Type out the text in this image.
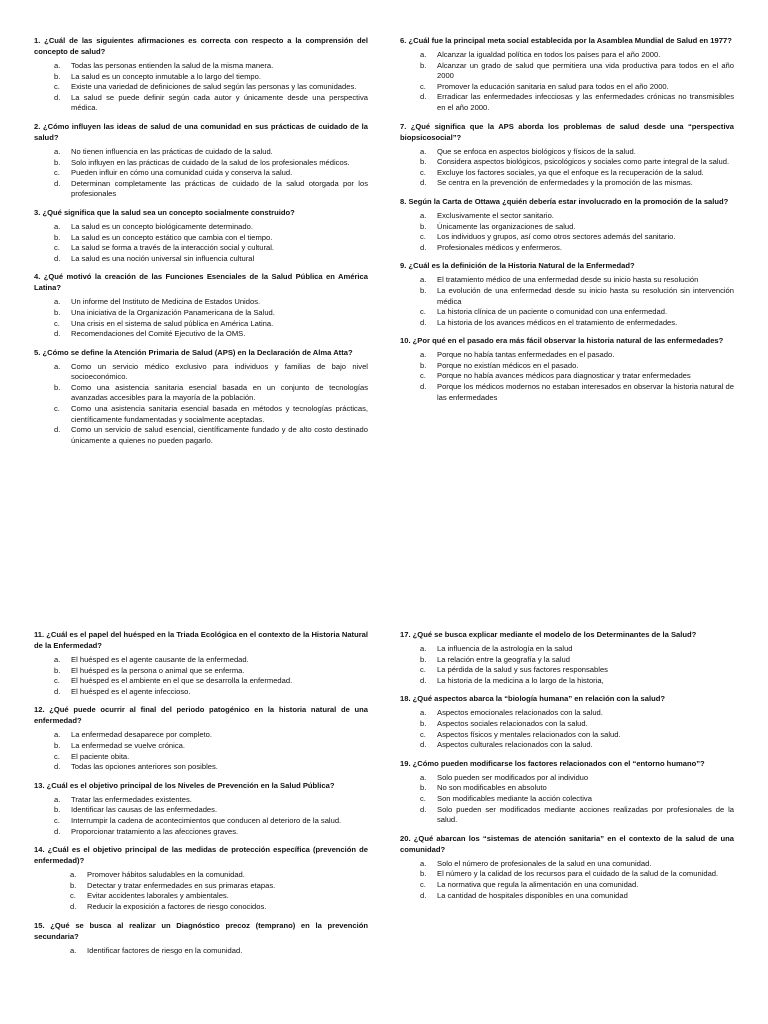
1. ¿Cuál de las siguientes afirmaciones es correcta con respecto a la comprensión del concepto de salud?
a.	Todas las personas entienden la salud de la misma manera.
b.	La salud es un concepto inmutable a lo largo del tiempo.
c.	Existe una variedad de definiciones de salud según las personas y las comunidades.
d.	La salud se puede definir según cada autor y únicamente desde una perspectiva médica.
2. ¿Cómo influyen las ideas de salud de una comunidad en sus prácticas de cuidado de la salud?
a.	No tienen influencia en las prácticas de cuidado de la salud.
b.	Solo influyen en las prácticas de cuidado de la salud de los profesionales médicos.
c.	Pueden influir en cómo una comunidad cuida y conserva la salud.
d.	Determinan completamente las prácticas de cuidado de la salud otorgada por los profesionales
3. ¿Qué significa que la salud sea un concepto socialmente construido?
a.	La salud es un concepto biológicamente determinado.
b.	La salud es un concepto estático que cambia con el tiempo.
c.	La salud se forma a través de la interacción social y cultural.
d.	La salud es una noción universal sin influencia cultural
4. ¿Qué motivó la creación de las Funciones Esenciales de la Salud Pública en América Latina?
a.	Un informe del Instituto de Medicina de Estados Unidos.
b.	Una iniciativa de la Organización Panamericana de la Salud.
c.	Una crisis en el sistema de salud pública en América Latina.
d.	Recomendaciones del Comité Ejecutivo de la OMS.
5. ¿Cómo se define la Atención Primaria de Salud (APS) en la Declaración de Alma Atta?
a.	Como un servicio médico exclusivo para individuos y familias de bajo nivel socioeconómico.
b.	Como una asistencia sanitaria esencial basada en un conjunto de tecnologías avanzadas accesibles para la mayoría de la población.
c.	Como una asistencia sanitaria esencial basada en métodos y tecnologías prácticas, científicamente fundamentadas y socialmente aceptadas.
d.	Como un servicio de salud esencial, científicamente fundado y de alto costo destinado únicamente a quienes no pueden pagarlo.
6. ¿Cuál fue la principal meta social establecida por la Asamblea Mundial de Salud en 1977?
a.	Alcanzar la igualdad política en todos los países para el año 2000.
b.	Alcanzar un grado de salud que permitiera una vida productiva para todos en el año 2000
c.	Promover la educación sanitaria en salud para todos en el año 2000.
d.	Erradicar las enfermedades infecciosas y las enfermedades crónicas no transmisibles en el año 2000.
7. ¿Qué significa que la APS aborda los problemas de salud desde una “perspectiva biopsicosocial”?
a.	Que se enfoca en aspectos biológicos y físicos de la salud.
b.	Considera aspectos biológicos, psicológicos y sociales como parte integral de la salud.
c.	Excluye los factores sociales, ya que el enfoque es la recuperación de la salud.
d.	Se centra en la prevención de enfermedades y la promoción de las mismas.
8. Según la Carta de Ottawa ¿quién debería estar involucrado en la promoción de la salud?
a.	Exclusivamente el sector sanitario.
b.	Únicamente las organizaciones de salud.
c.	Los individuos y grupos, así como otros sectores además del sanitario.
d.	Profesionales médicos y enfermeros.
9. ¿Cuál es la definición de la Historia Natural de la Enfermedad?
a.	El tratamiento médico de una enfermedad desde su inicio hasta su resolución
b.	La evolución de una enfermedad desde su inicio hasta su resolución sin intervención médica
c.	La historia clínica de un paciente o comunidad con una enfermedad.
d.	La historia de los avances médicos en el tratamiento de enfermedades.
10. ¿Por qué en el pasado era más fácil observar la historia natural de las enfermedades?
a.	Porque no había tantas enfermedades en el pasado.
b.	Porque no existían médicos en el pasado.
c.	Porque no había avances médicos para diagnosticar y tratar enfermedades
d.	Porque los médicos modernos no estaban interesados en observar la historia natural de las enfermedades
11. ¿Cuál es el papel del huésped en la Triada Ecológica en el contexto de la Historia Natural de la Enfermedad?
a.	El huésped es el agente causante de la enfermedad.
b.	El huésped es la persona o animal que se enferma.
c.	El huésped es el ambiente en el que se desarrolla la enfermedad.
d.	El huésped es el agente infeccioso.
12. ¿Qué puede ocurrir al final del periodo patogénico en la historia natural de una enfermedad?
a.	La enfermedad desaparece por completo.
b.	La enfermedad se vuelve crónica.
c.	El paciente obita.
d.	Todas las opciones anteriores son posibles.
13. ¿Cuál es el objetivo principal de los Niveles de Prevención en la Salud Pública?
a.	Tratar las enfermedades existentes.
b.	Identificar las causas de las enfermedades.
c.	Interrumpir la cadena de acontecimientos que conducen al deterioro de la salud.
d.	Proporcionar tratamiento a las afecciones graves.
14. ¿Cuál es el objetivo principal de las medidas de protección específica (prevención de enfermedad)?
a.	Promover hábitos saludables en la comunidad.
b.	Detectar y tratar enfermedades en sus primaras etapas.
c.	Evitar accidentes laborales y ambientales.
d.	Reducir la exposición a factores de riesgo conocidos.
15. ¿Qué se busca al realizar un Diagnóstico precoz (temprano) en la prevención secundaria?
a.	Identificar factores de riesgo en la comunidad.
17. ¿Qué se busca explicar mediante el modelo de los Determinantes de la Salud?
a.	La influencia de la astrología en la salud
b.	La relación entre la geografía y la salud
c.	La pérdida de la salud y sus factores responsables
d.	La historia de la medicina a lo largo de la historia,
18. ¿Qué aspectos abarca la “biología humana” en relación con la salud?
a.	Aspectos emocionales relacionados con la salud.
b.	Aspectos sociales relacionados con la salud.
c.	Aspectos físicos y mentales relacionados con la salud.
d.	Aspectos culturales relacionados con la salud.
19. ¿Cómo pueden modificarse los factores relacionados con el “entorno humano”?
a.	Solo pueden ser modificados por al individuo
b.	No son modificables en absoluto
c.	Son modificables mediante la acción colectiva
d.	Solo pueden ser modificados mediante acciones realizadas por profesionales de la salud.
20. ¿Qué abarcan los “sistemas de atención sanitaria” en el contexto de la salud de una comunidad?
a.	Solo el número de profesionales de la salud en una comunidad.
b.	El número y la calidad de los recursos para el cuidado de la salud de la comunidad.
c.	La normativa que regula la alimentación en una comunidad.
d.	La cantidad de hospitales disponibles en una comunidad
